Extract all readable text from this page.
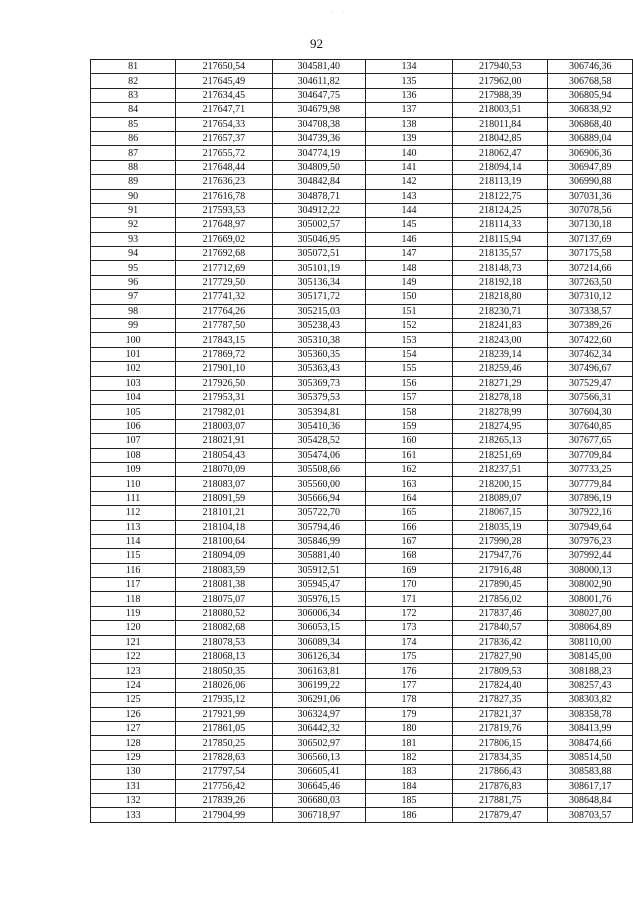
· ·
92
81	217650,54	304581,40	134	217940,53	306746,36
82	217645,49	304611,82	135	217962,00	306768,58
83	217634,45	304647,75	136	217988,39	306805,94
84	217647,71	304679,98	137	218003,51	306838,92
85	217654,33	304708,38	138	218011,84	306868,40
86	217657,37	304739,36	139	218042,85	306889,04
87	217655,72	304774,19	140	218062,47	306906,36
88	217648,44	304809,50	141	218094,14	306947,89
89	217636,23	304842,84	142	218113,19	306990,88
90	217616,78	304878,71	143	218122,75	307031,36
91	217593,53	304912,22	144	218124,25	307078,56
92	217648,97	305002,57	145	218114,33	307130,18
93	217669,02	305046,95	146	218115,94	307137,69
94	217692,68	305072,51	147	218135,57	307175,58
95	217712,69	305101,19	148	218148,73	307214,66
96	217729,50	305136,34	149	218192,18	307263,50
97	217741,32	305171,72	150	218218,80	307310,12
98	217764,26	305215,03	151	218230,71	307338,57
99	217787,50	305238,43	152	218241,83	307389,26
100	217843,15	305310,38	153	218243,00	307422,60
101	217869,72	305360,35	154	218239,14	307462,34
102	217901,10	305363,43	155	218259,46	307496,67
103	217926,50	305369,73	156	218271,29	307529,47
104	217953,31	305379,53	157	218278,18	307566,31
105	217982,01	305394,81	158	218278,99	307604,30
106	218003,07	305410,36	159	218274,95	307640,85
107	218021,91	305428,52	160	218265,13	307677,65
108	218054,43	305474,06	161	218251,69	307709,84
109	218070,09	305508,66	162	218237,51	307733,25
110	218083,07	305560,00	163	218200,15	307779,84
111	218091,59	305666,94	164	218089,07	307896,19
112	218101,21	305722,70	165	218067,15	307922,16
113	218104,18	305794,46	166	218035,19	307949,64
114	218100,64	305846,99	167	217990,28	307976,23
115	218094,09	305881,40	168	217947,76	307992,44
116	218083,59	305912,51	169	217916,48	308000,13
117	218081,38	305945,47	170	217890,45	308002,90
118	218075,07	305976,15	171	217856,02	308001,76
119	218080,52	306006,34	172	217837,46	308027,00
120	218082,68	306053,15	173	217840,57	308064,89
121	218078,53	306089,34	174	217836,42	308110,00
122	218068,13	306126,34	175	217827,90	308145,00
123	218050,35	306163,81	176	217809,53	308188,23
124	218026,06	306199,22	177	217824,40	308257,43
125	217935,12	306291,06	178	217827,35	308303,82
126	217921,99	306324,97	179	217821,37	308358,78
127	217861,05	306442,32	180	217819,76	308413,99
128	217850,25	306502,97	181	217806,15	308474,66
129	217828,63	306560,13	182	217834,35	308514,50
130	217797,54	306605,41	183	217866,43	308583,88
131	217756,42	306645,46	184	217876,83	308617,17
132	217839,26	306680,03	185	217881,75	308648,84
133	217904,99	306718,97	186	217879,47	308703,57
